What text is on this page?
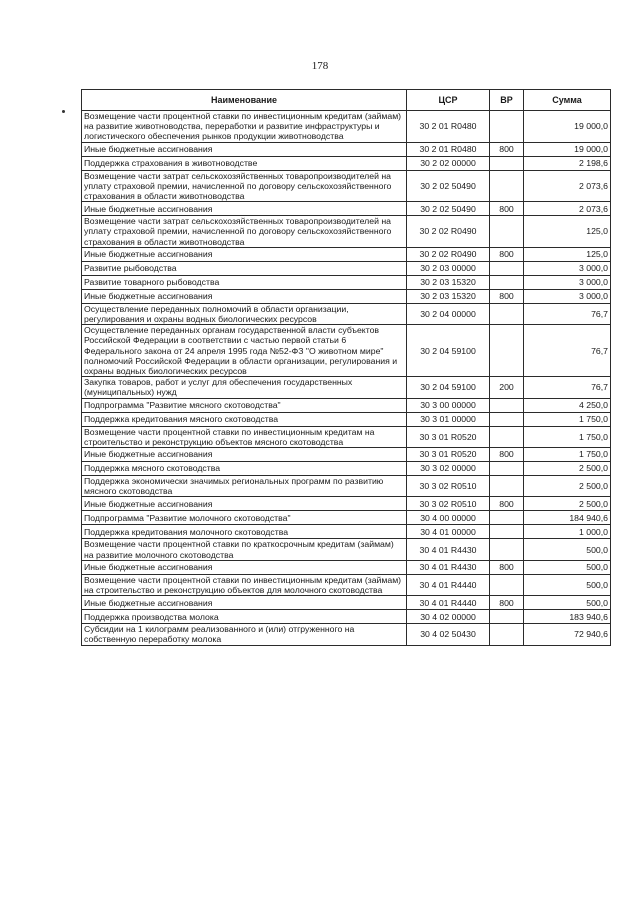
178
Наименование	ЦСР	ВР	Сумма
Возмещение части процентной ставки по инвестиционным кредитам (займам) на развитие животноводства, переработки и развитие инфраструктуры и логистического обеспечения рынков продукции животноводства	30 2 01 R0480		19 000,0
Иные бюджетные ассигнования	30 2 01 R0480	800	19 000,0
Поддержка страхования в животноводстве	30 2 02 00000		2 198,6
Возмещение части затрат сельскохозяйственных товаропроизводителей на уплату страховой премии, начисленной по договору сельскохозяйственного страхования в области животноводства	30 2 02 50490		2 073,6
Иные бюджетные ассигнования	30 2 02 50490	800	2 073,6
Возмещение части затрат сельскохозяйственных товаропроизводителей на уплату страховой премии, начисленной по договору сельскохозяйственного страхования в области животноводства	30 2 02 R0490		125,0
Иные бюджетные ассигнования	30 2 02 R0490	800	125,0
Развитие рыбоводства	30 2 03 00000		3 000,0
Развитие товарного рыбоводства	30 2 03 15320		3 000,0
Иные бюджетные ассигнования	30 2 03 15320	800	3 000,0
Осуществление переданных полномочий в области организации, регулирования и охраны водных биологических ресурсов	30 2 04 00000		76,7
Осуществление переданных органам государственной власти субъектов Российской Федерации в соответствии с частью первой статьи 6 Федерального закона от 24 апреля 1995 года №52-ФЗ "О животном мире" полномочий Российской Федерации в области организации, регулирования и охраны водных биологических ресурсов	30 2 04 59100		76,7
Закупка товаров, работ и услуг для обеспечения государственных (муниципальных) нужд	30 2 04 59100	200	76,7
Подпрограмма "Развитие мясного скотоводства"	30 3 00 00000		4 250,0
Поддержка кредитования мясного скотоводства	30 3 01 00000		1 750,0
Возмещение части процентной ставки по инвестиционным кредитам на строительство и реконструкцию объектов мясного скотоводства	30 3 01 R0520		1 750,0
Иные бюджетные ассигнования	30 3 01 R0520	800	1 750,0
Поддержка мясного скотоводства	30 3 02 00000		2 500,0
Поддержка экономически значимых региональных программ по развитию мясного скотоводства	30 3 02 R0510		2 500,0
Иные бюджетные ассигнования	30 3 02 R0510	800	2 500,0
Подпрограмма "Развитие молочного скотоводства"	30 4 00 00000		184 940,6
Поддержка кредитования молочного скотоводства	30 4 01 00000		1 000,0
Возмещение части процентной ставки по краткосрочным кредитам (займам) на развитие молочного скотоводства	30 4 01 R4430		500,0
Иные бюджетные ассигнования	30 4 01 R4430	800	500,0
Возмещение части процентной ставки по инвестиционным кредитам (займам) на строительство и реконструкцию объектов для молочного скотоводства	30 4 01 R4440		500,0
Иные бюджетные ассигнования	30 4 01 R4440	800	500,0
Поддержка производства молока	30 4 02 00000		183 940,6
Субсидии на 1 килограмм реализованного и (или) отгруженного на собственную переработку молока	30 4 02 50430		72 940,6
